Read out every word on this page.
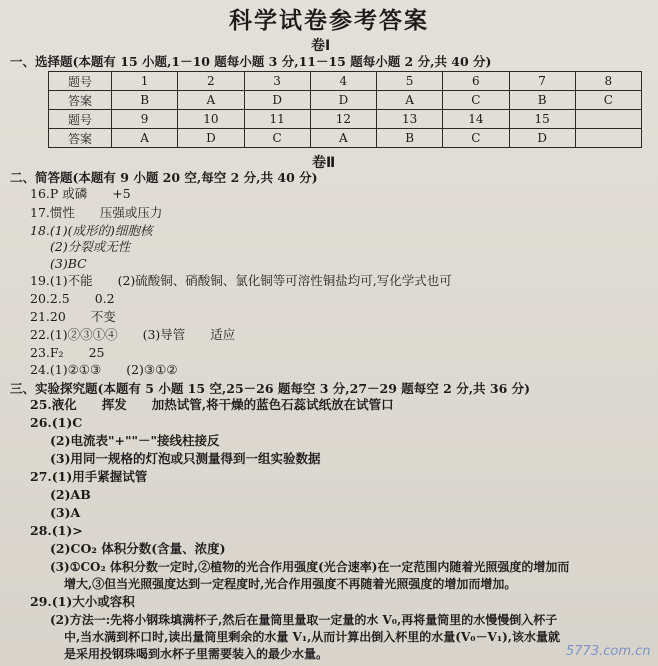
科学试卷参考答案
卷Ⅰ
一、选择题(本题有 15 小题,1－10 题每小题 3 分,11－15 题每小题 2 分,共 40 分)
题号	1	2	3	4	5	6	7	8
答案	B	A	D	D	A	C	B	C
题号	9	10	11	12	13	14	15	
答案	A	D	C	A	B	C	D	
卷Ⅱ
二、简答题(本题有 9 小题 20 空,每空 2 分,共 40 分)
16.P 或磷　　+5
17.惯性　　压强或压力
18.(1)(成形的)细胞核
(2)分裂或无性
(3)BC
19.(1)不能　　(2)硫酸铜、硝酸铜、氯化铜等可溶性铜盐均可,写化学式也可
20.2.5　　0.2
21.20　　不变
22.(1)②③①④　　(3)导管　　适应
23.F₂　　25
24.(1)②①③　　(2)③①②
三、实验探究题(本题有 5 小题 15 空,25－26 题每空 3 分,27－29 题每空 2 分,共 36 分)
25.液化　　挥发　　加热试管,将干燥的蓝色石蕊试纸放在试管口
26.(1)C
(2)电流表"+""－"接线柱接反
(3)用同一规格的灯泡或只测量得到一组实验数据
27.(1)用手紧握试管
(2)AB
(3)A
28.(1)>
(2)CO₂ 体积分数(含量、浓度)
(3)①CO₂ 体积分数一定时,②植物的光合作用强度(光合速率)在一定范围内随着光照强度的增加而
增大,③但当光照强度达到一定程度时,光合作用强度不再随着光照强度的增加而增加。
29.(1)大小或容积
(2)方法一:先将小钢珠填满杯子,然后在量筒里量取一定量的水 V₀,再将量筒里的水慢慢倒入杯子
中,当水满到杯口时,读出量筒里剩余的水量 V₁,从而计算出倒入杯里的水量(V₀－V₁),该水量就
是采用投钢珠喝到水杯子里需要装入的最少水量。	5773.com.cn
